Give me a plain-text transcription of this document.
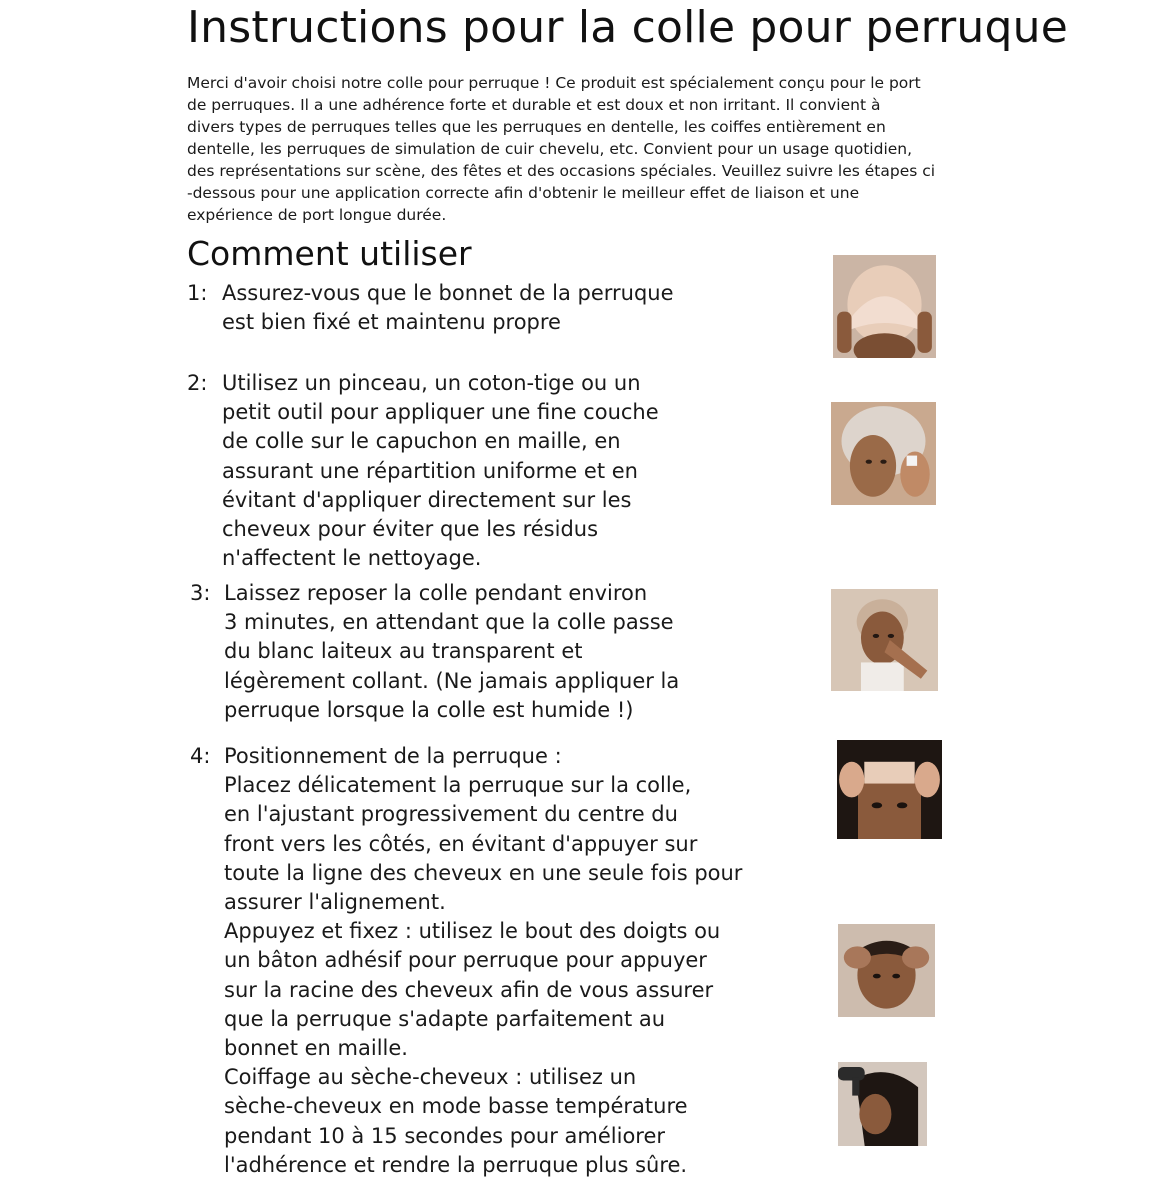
Instructions pour la colle pour perruque
Merci d'avoir choisi notre colle pour perruque ! Ce produit est spécialement conçu pour le port
de perruques. Il a une adhérence forte et durable et est doux et non irritant. Il convient à
divers types de perruques telles que les perruques en dentelle, les coiffes entièrement en
dentelle, les perruques de simulation de cuir chevelu, etc. Convient pour un usage quotidien,
des représentations sur scène, des fêtes et des occasions spéciales. Veuillez suivre les étapes ci
-dessous pour une application correcte afin d'obtenir le meilleur effet de liaison et une
expérience de port longue durée.
Comment utiliser
1: Assurez-vous que le bonnet de la perruque
est bien fixé et maintenu propre
2: Utilisez un pinceau, un coton-tige ou un
petit outil pour appliquer une fine couche
de colle sur le capuchon en maille, en
assurant une répartition uniforme et en
évitant d'appliquer directement sur les
cheveux pour éviter que les résidus
n'affectent le nettoyage.
3: Laissez reposer la colle pendant environ
3 minutes, en attendant que la colle passe
du blanc laiteux au transparent et
légèrement collant. (Ne jamais appliquer la
perruque lorsque la colle est humide !)
4: Positionnement de la perruque :
Placez délicatement la perruque sur la colle,
en l'ajustant progressivement du centre du
front vers les côtés, en évitant d'appuyer sur
toute la ligne des cheveux en une seule fois pour
assurer l'alignement.
Appuyez et fixez : utilisez le bout des doigts ou
un bâton adhésif pour perruque pour appuyer
sur la racine des cheveux afin de vous assurer
que la perruque s'adapte parfaitement au
bonnet en maille.
Coiffage au sèche-cheveux : utilisez un
sèche-cheveux en mode basse température
pendant 10 à 15 secondes pour améliorer
l'adhérence et rendre la perruque plus sûre.
